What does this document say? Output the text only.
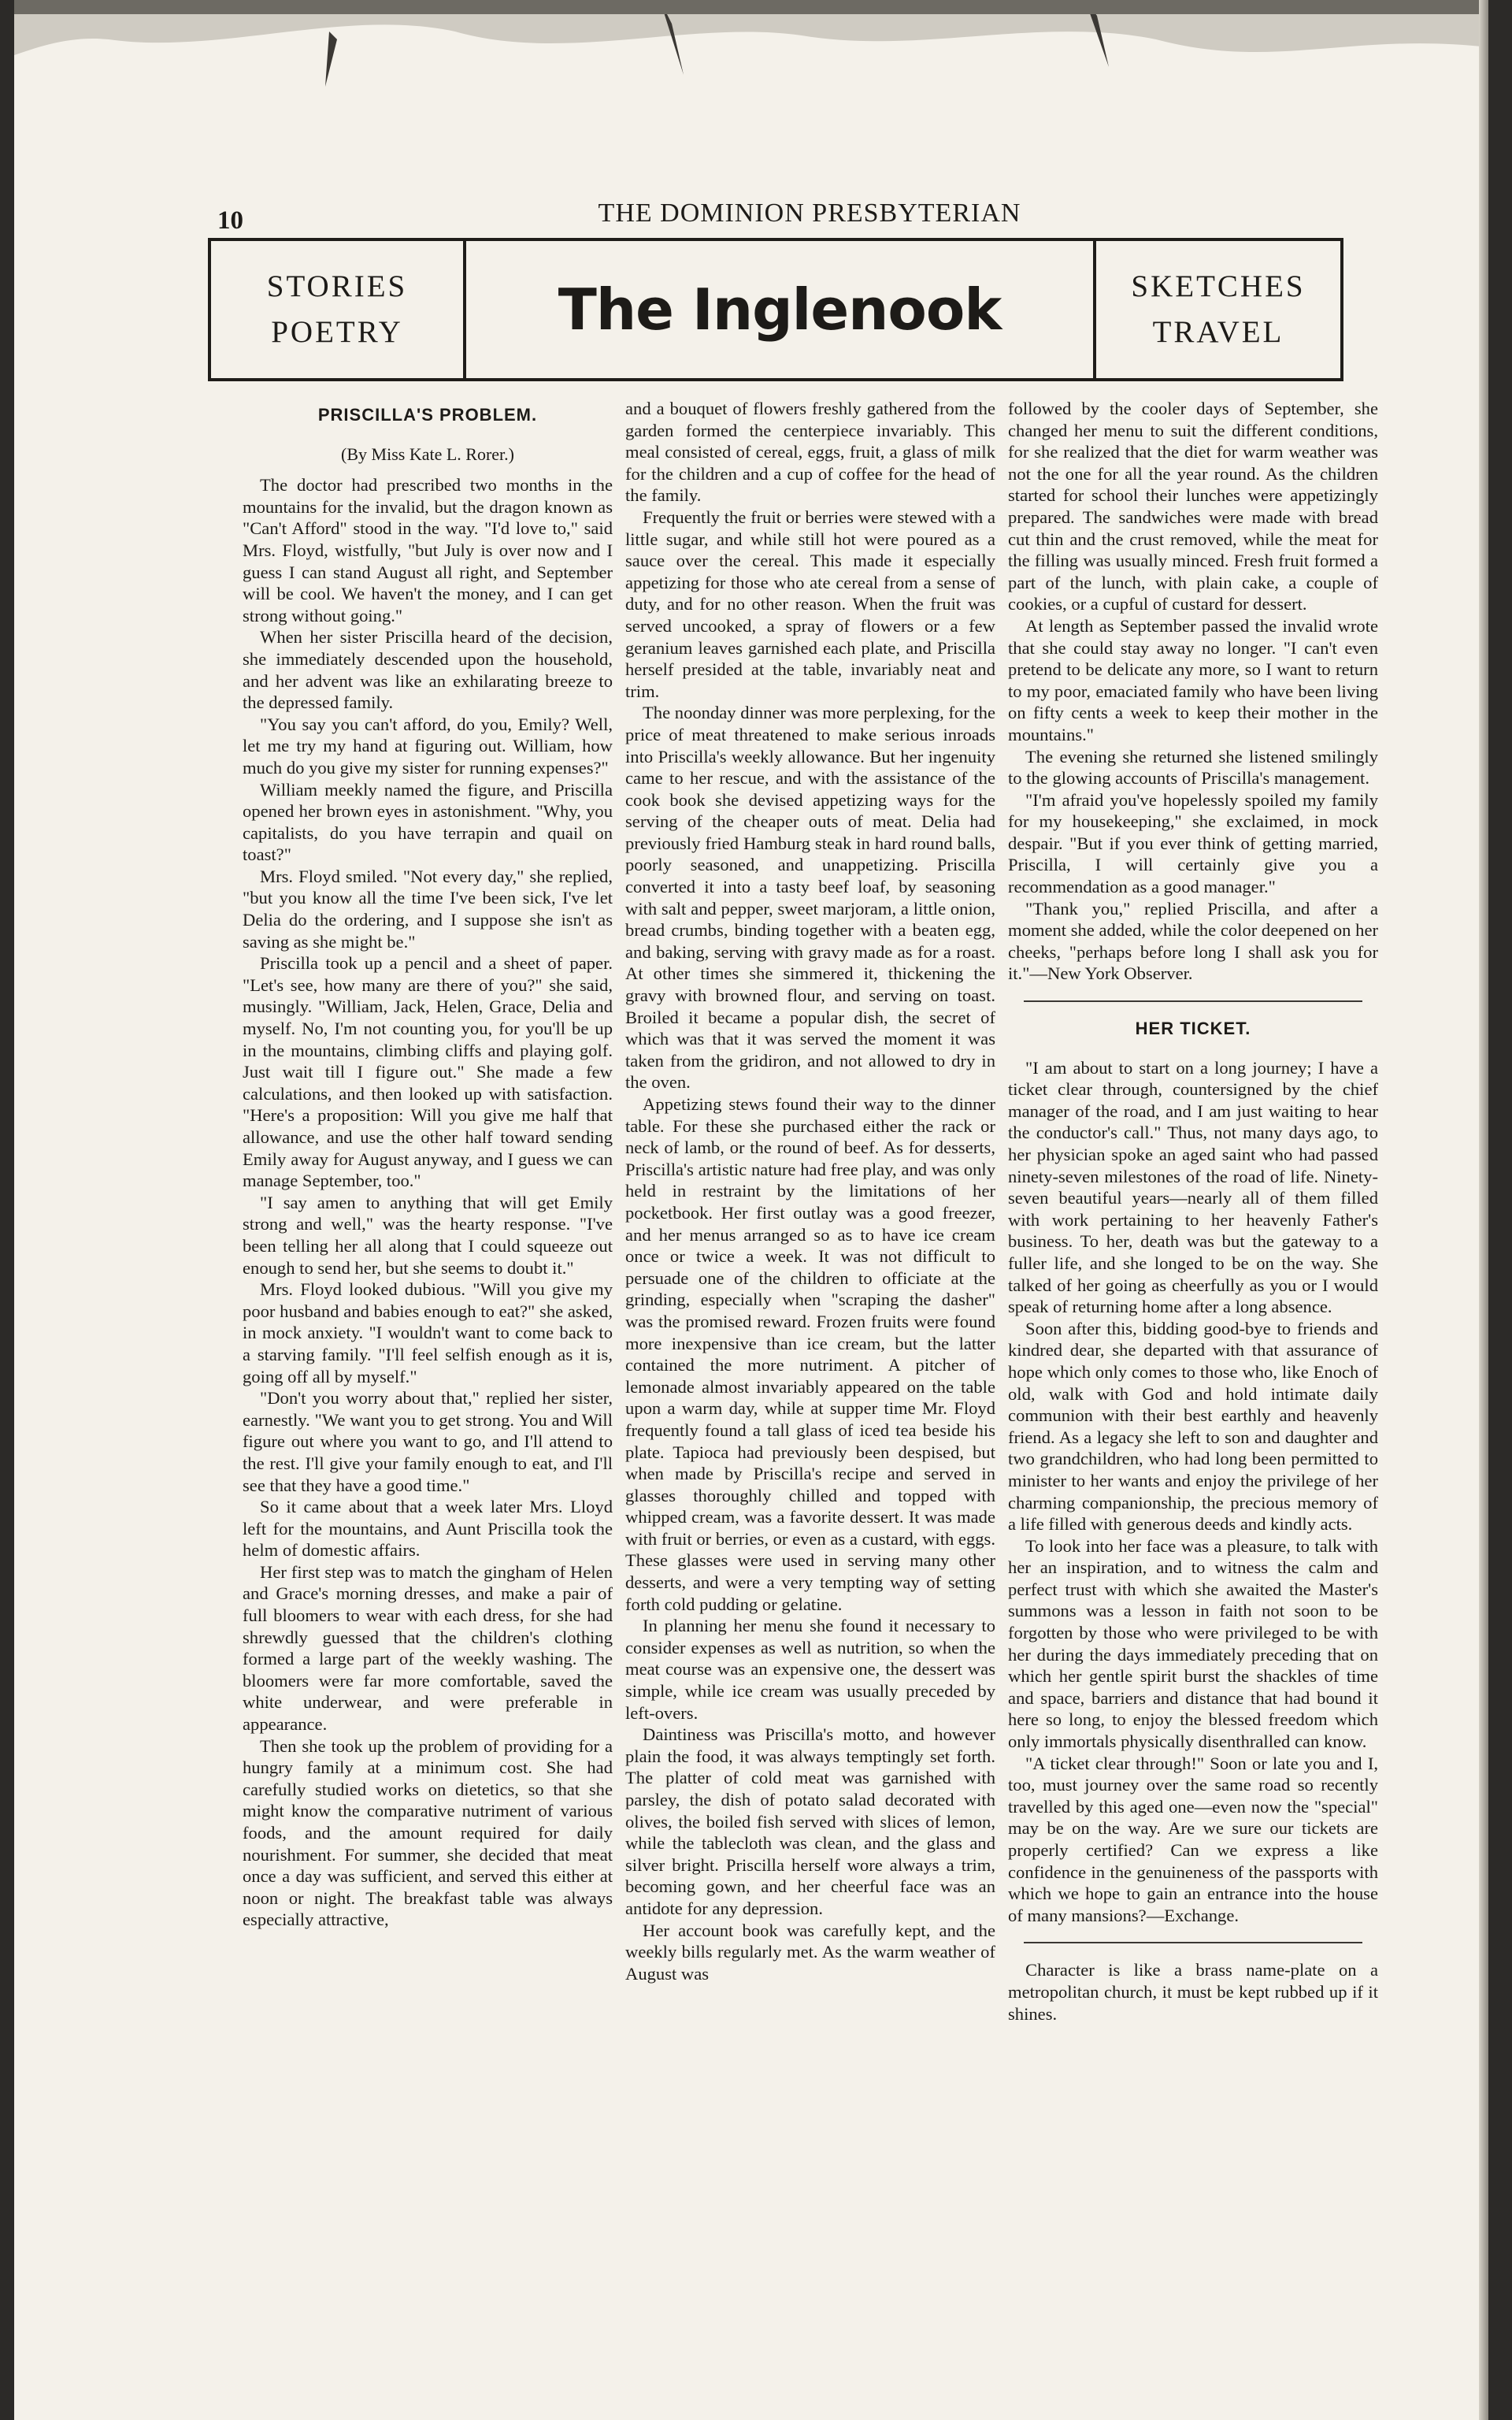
10	THE DOMINION PRESBYTERIAN
STORIES
POETRY	The Inglenook	SKETCHES
TRAVEL
PRISCILLA'S PROBLEM.
(By Miss Kate L. Rorer.)

The doctor had prescribed two months in the mountains for the invalid, but the dragon known as "Can't Afford" stood in the way. "I'd love to," said Mrs. Floyd, wistfully, "but July is over now and I guess I can stand August all right, and September will be cool. We haven't the money, and I can get strong without going."

When her sister Priscilla heard of the decision, she immediately descended upon the household, and her advent was like an exhilarating breeze to the depressed family.

"You say you can't afford, do you, Emily? Well, let me try my hand at figuring out. William, how much do you give my sister for running expenses?"

William meekly named the figure, and Priscilla opened her brown eyes in astonishment. "Why, you capitalists, do you have terrapin and quail on toast?"

Mrs. Floyd smiled. "Not every day," she replied, "but you know all the time I've been sick, I've let Delia do the ordering, and I suppose she isn't as saving as she might be."

Priscilla took up a pencil and a sheet of paper. "Let's see, how many are there of you?" she said, musingly. "William, Jack, Helen, Grace, Delia and myself. No, I'm not counting you, for you'll be up in the mountains, climbing cliffs and playing golf. Just wait till I figure out." She made a few calculations, and then looked up with satisfaction. "Here's a proposition: Will you give me half that allowance, and use the other half toward sending Emily away for August anyway, and I guess we can manage September, too."

"I say amen to anything that will get Emily strong and well," was the hearty response. "I've been telling her all along that I could squeeze out enough to send her, but she seems to doubt it."

Mrs. Floyd looked dubious. "Will you give my poor husband and babies enough to eat?" she asked, in mock anxiety. "I wouldn't want to come back to a starving family. "I'll feel selfish enough as it is, going off all by myself."

"Don't you worry about that," replied her sister, earnestly. "We want you to get strong. You and Will figure out where you want to go, and I'll attend to the rest. I'll give your family enough to eat, and I'll see that they have a good time."

So it came about that a week later Mrs. Lloyd left for the mountains, and Aunt Priscilla took the helm of domestic affairs.

Her first step was to match the gingham of Helen and Grace's morning dresses, and make a pair of full bloomers to wear with each dress, for she had shrewdly guessed that the children's clothing formed a large part of the weekly washing. The bloomers were far more comfortable, saved the white underwear, and were preferable in appearance.

Then she took up the problem of providing for a hungry family at a minimum cost. She had carefully studied works on dietetics, so that she might know the comparative nutriment of various foods, and the amount required for daily nourishment. For summer, she decided that meat once a day was sufficient, and served this either at noon or night. The breakfast table was always especially attractive,

and a bouquet of flowers freshly gathered from the garden formed the centerpiece invariably. This meal consisted of cereal, eggs, fruit, a glass of milk for the children and a cup of coffee for the head of the family.

Frequently the fruit or berries were stewed with a little sugar, and while still hot were poured as a sauce over the cereal. This made it especially appetizing for those who ate cereal from a sense of duty, and for no other reason. When the fruit was served uncooked, a spray of flowers or a few geranium leaves garnished each plate, and Priscilla herself presided at the table, invariably neat and trim.

The noonday dinner was more perplexing, for the price of meat threatened to make serious inroads into Priscilla's weekly allowance. But her ingenuity came to her rescue, and with the assistance of the cook book she devised appetizing ways for the serving of the cheaper outs of meat. Delia had previously fried Hamburg steak in hard round balls, poorly seasoned, and unappetizing. Priscilla converted it into a tasty beef loaf, by seasoning with salt and pepper, sweet marjoram, a little onion, bread crumbs, binding together with a beaten egg, and baking, serving with gravy made as for a roast. At other times she simmered it, thickening the gravy with browned flour, and serving on toast. Broiled it became a popular dish, the secret of which was that it was served the moment it was taken from the gridiron, and not allowed to dry in the oven.

Appetizing stews found their way to the dinner table. For these she purchased either the rack or neck of lamb, or the round of beef. As for desserts, Priscilla's artistic nature had free play, and was only held in restraint by the limitations of her pocketbook. Her first outlay was a good freezer, and her menus arranged so as to have ice cream once or twice a week. It was not difficult to persuade one of the children to officiate at the grinding, especially when "scraping the dasher" was the promised reward. Frozen fruits were found more inexpensive than ice cream, but the latter contained the more nutriment. A pitcher of lemonade almost invariably appeared on the table upon a warm day, while at supper time Mr. Floyd frequently found a tall glass of iced tea beside his plate. Tapioca had previously been despised, but when made by Priscilla's recipe and served in glasses thoroughly chilled and topped with whipped cream, was a favorite dessert. It was made with fruit or berries, or even as a custard, with eggs. These glasses were used in serving many other desserts, and were a very tempting way of setting forth cold pudding or gelatine.

In planning her menu she found it necessary to consider expenses as well as nutrition, so when the meat course was an expensive one, the dessert was simple, while ice cream was usually preceded by left-overs.

Daintiness was Priscilla's motto, and however plain the food, it was always temptingly set forth. The platter of cold meat was garnished with parsley, the dish of potato salad decorated with olives, the boiled fish served with slices of lemon, while the tablecloth was clean, and the glass and silver bright. Priscilla herself wore always a trim, becoming gown, and her cheerful face was an antidote for any depression.

Her account book was carefully kept, and the weekly bills regularly met. As the warm weather of August was

followed by the cooler days of September, she changed her menu to suit the different conditions, for she realized that the diet for warm weather was not the one for all the year round. As the children started for school their lunches were appetizingly prepared. The sandwiches were made with bread cut thin and the crust removed, while the meat for the filling was usually minced. Fresh fruit formed a part of the lunch, with plain cake, a couple of cookies, or a cupful of custard for dessert.

At length as September passed the invalid wrote that she could stay away no longer. "I can't even pretend to be delicate any more, so I want to return to my poor, emaciated family who have been living on fifty cents a week to keep their mother in the mountains."

The evening she returned she listened smilingly to the glowing accounts of Priscilla's management.

"I'm afraid you've hopelessly spoiled my family for my housekeeping," she exclaimed, in mock despair. "But if you ever think of getting married, Priscilla, I will certainly give you a recommendation as a good manager."

"Thank you," replied Priscilla, and after a moment she added, while the color deepened on her cheeks, "perhaps before long I shall ask you for it."—New York Observer.

HER TICKET.

"I am about to start on a long journey; I have a ticket clear through, countersigned by the chief manager of the road, and I am just waiting to hear the conductor's call." Thus, not many days ago, to her physician spoke an aged saint who had passed ninety-seven milestones of the road of life. Ninety-seven beautiful years—nearly all of them filled with work pertaining to her heavenly Father's business. To her, death was but the gateway to a fuller life, and she longed to be on the way. She talked of her going as cheerfully as you or I would speak of returning home after a long absence.

Soon after this, bidding good-bye to friends and kindred dear, she departed with that assurance of hope which only comes to those who, like Enoch of old, walk with God and hold intimate daily communion with their best earthly and heavenly friend. As a legacy she left to son and daughter and two grandchildren, who had long been permitted to minister to her wants and enjoy the privilege of her charming companionship, the precious memory of a life filled with generous deeds and kindly acts.

To look into her face was a pleasure, to talk with her an inspiration, and to witness the calm and perfect trust with which she awaited the Master's summons was a lesson in faith not soon to be forgotten by those who were privileged to be with her during the days immediately preceding that on which her gentle spirit burst the shackles of time and space, barriers and distance that had bound it here so long, to enjoy the blessed freedom which only immortals physically disenthralled can know.

"A ticket clear through!" Soon or late you and I, too, must journey over the same road so recently travelled by this aged one—even now the "special" may be on the way. Are we sure our tickets are properly certified? Can we express a like confidence in the genuineness of the passports with which we hope to gain an entrance into the house of many mansions?—Exchange.

Character is like a brass name-plate on a metropolitan church, it must be kept rubbed up if it shines.
